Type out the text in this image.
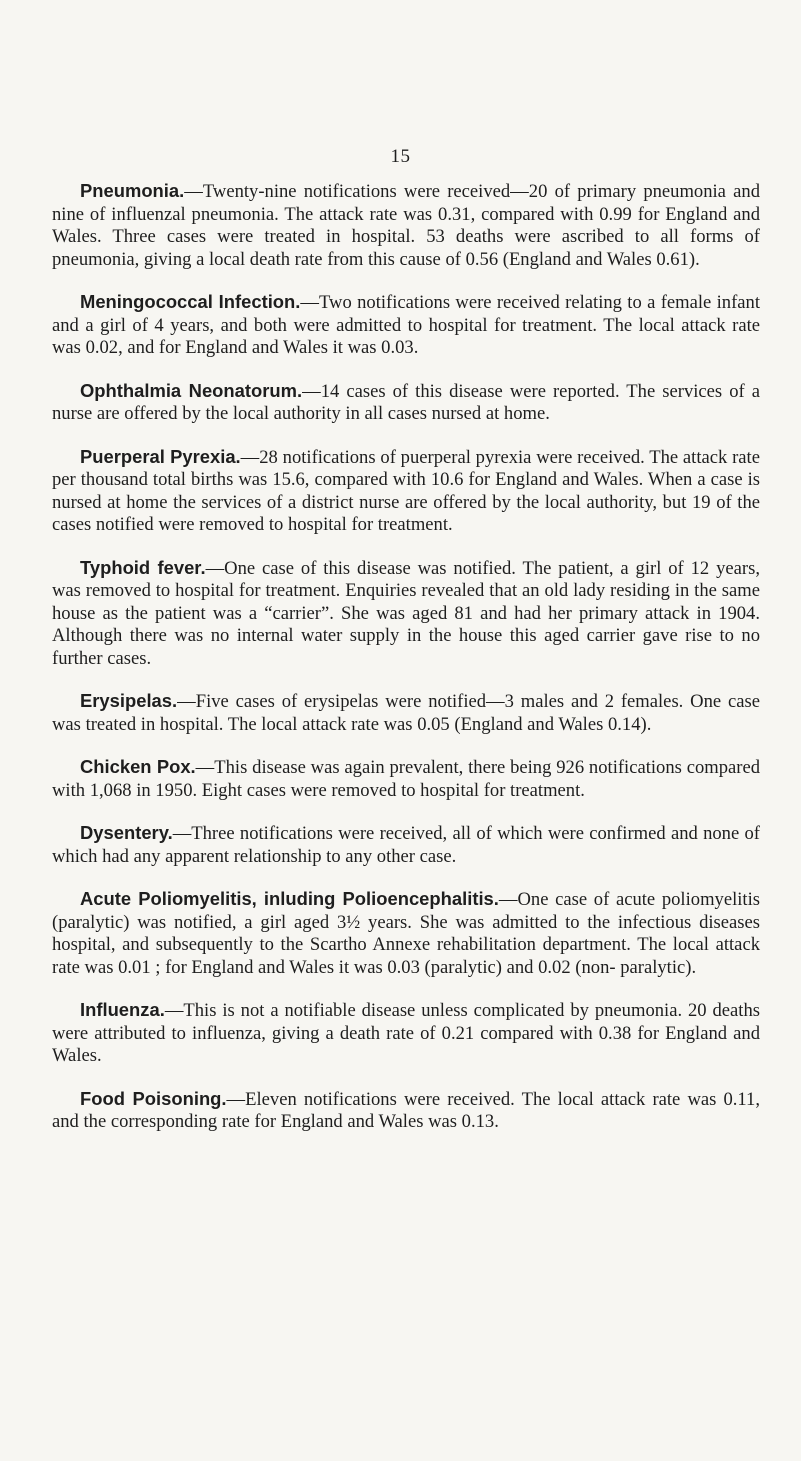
15

Pneumonia.—Twenty-nine notifications were received—20 of primary pneumonia and nine of influenzal pneumonia. The attack rate was 0.31, compared with 0.99 for England and Wales. Three cases were treated in hospital. 53 deaths were ascribed to all forms of pneumonia, giving a local death rate from this cause of 0.56 (England and Wales 0.61).

Meningococcal Infection.—Two notifications were received relating to a female infant and a girl of 4 years, and both were admitted to hospital for treatment. The local attack rate was 0.02, and for England and Wales it was 0.03.

Ophthalmia Neonatorum.—14 cases of this disease were reported. The services of a nurse are offered by the local authority in all cases nursed at home.

Puerperal Pyrexia.—28 notifications of puerperal pyrexia were received. The attack rate per thousand total births was 15.6, compared with 10.6 for England and Wales. When a case is nursed at home the services of a district nurse are offered by the local authority, but 19 of the cases notified were removed to hospital for treatment.

Typhoid fever.—One case of this disease was notified. The patient, a girl of 12 years, was removed to hospital for treatment. Enquiries revealed that an old lady residing in the same house as the patient was a “carrier”. She was aged 81 and had her primary attack in 1904. Although there was no internal water supply in the house this aged carrier gave rise to no further cases.

Erysipelas.—Five cases of erysipelas were notified—3 males and 2 females. One case was treated in hospital. The local attack rate was 0.05 (England and Wales 0.14).

Chicken Pox.—This disease was again prevalent, there being 926 notifications compared with 1,068 in 1950. Eight cases were removed to hospital for treatment.

Dysentery.—Three notifications were received, all of which were confirmed and none of which had any apparent relationship to any other case.

Acute Poliomyelitis, inluding Polioencephalitis.—One case of acute poliomyelitis (paralytic) was notified, a girl aged 3½ years. She was admitted to the infectious diseases hospital, and subsequently to the Scartho Annexe rehabilitation department. The local attack rate was 0.01 ; for England and Wales it was 0.03 (paralytic) and 0.02 (non- paralytic).

Influenza.—This is not a notifiable disease unless complicated by pneumonia. 20 deaths were attributed to influenza, giving a death rate of 0.21 compared with 0.38 for England and Wales.

Food Poisoning.—Eleven notifications were received. The local attack rate was 0.11, and the corresponding rate for England and Wales was 0.13.
